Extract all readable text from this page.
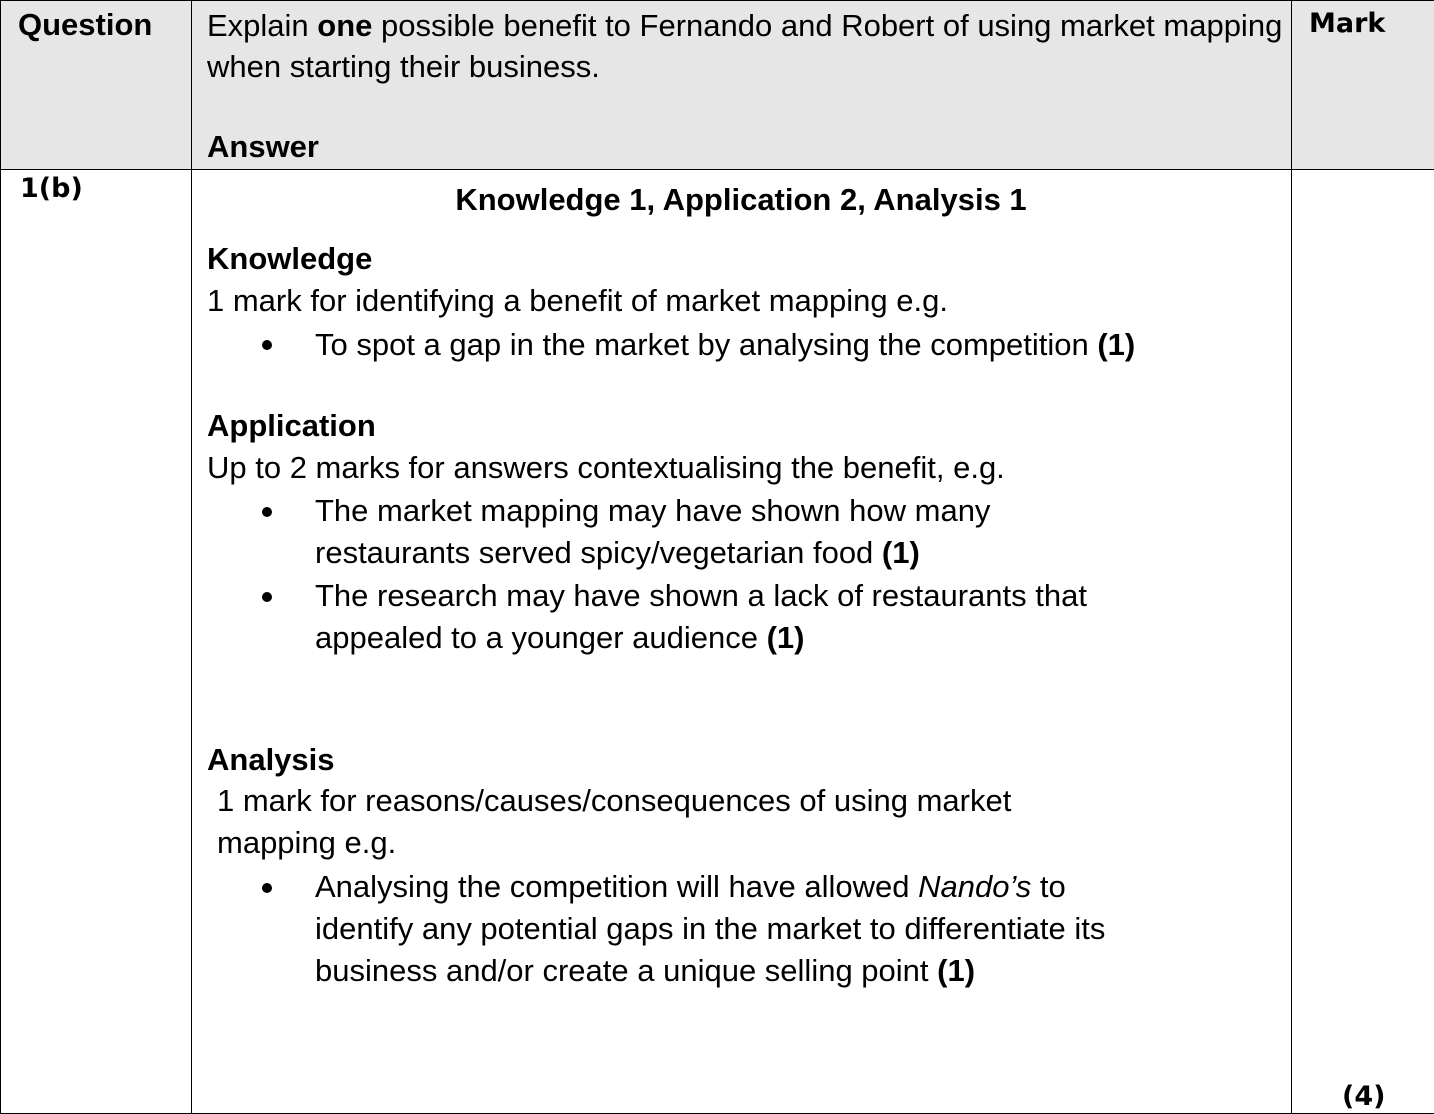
Question Explain one possible benefit to Fernando and Robert of using market mapping when starting their business.
Answer
Mark
1(b)	Knowledge 1, Application 2, Analysis 1
Knowledge
1 mark for identifying a benefit of market mapping e.g.
To spot a gap in the market by analysing the competition (1)
Application
Up to 2 marks for answers contextualising the benefit, e.g.
The market mapping may have shown how many
restaurants served spicy/vegetarian food (1)
The research may have shown a lack of restaurants that
appealed to a younger audience (1)
Analysis
1 mark for reasons/causes/consequences of using market
mapping e.g.
Analysing the competition will have allowed Nando’s to
identify any potential gaps in the market to differentiate its
business and/or create a unique selling point (1)
(4)
